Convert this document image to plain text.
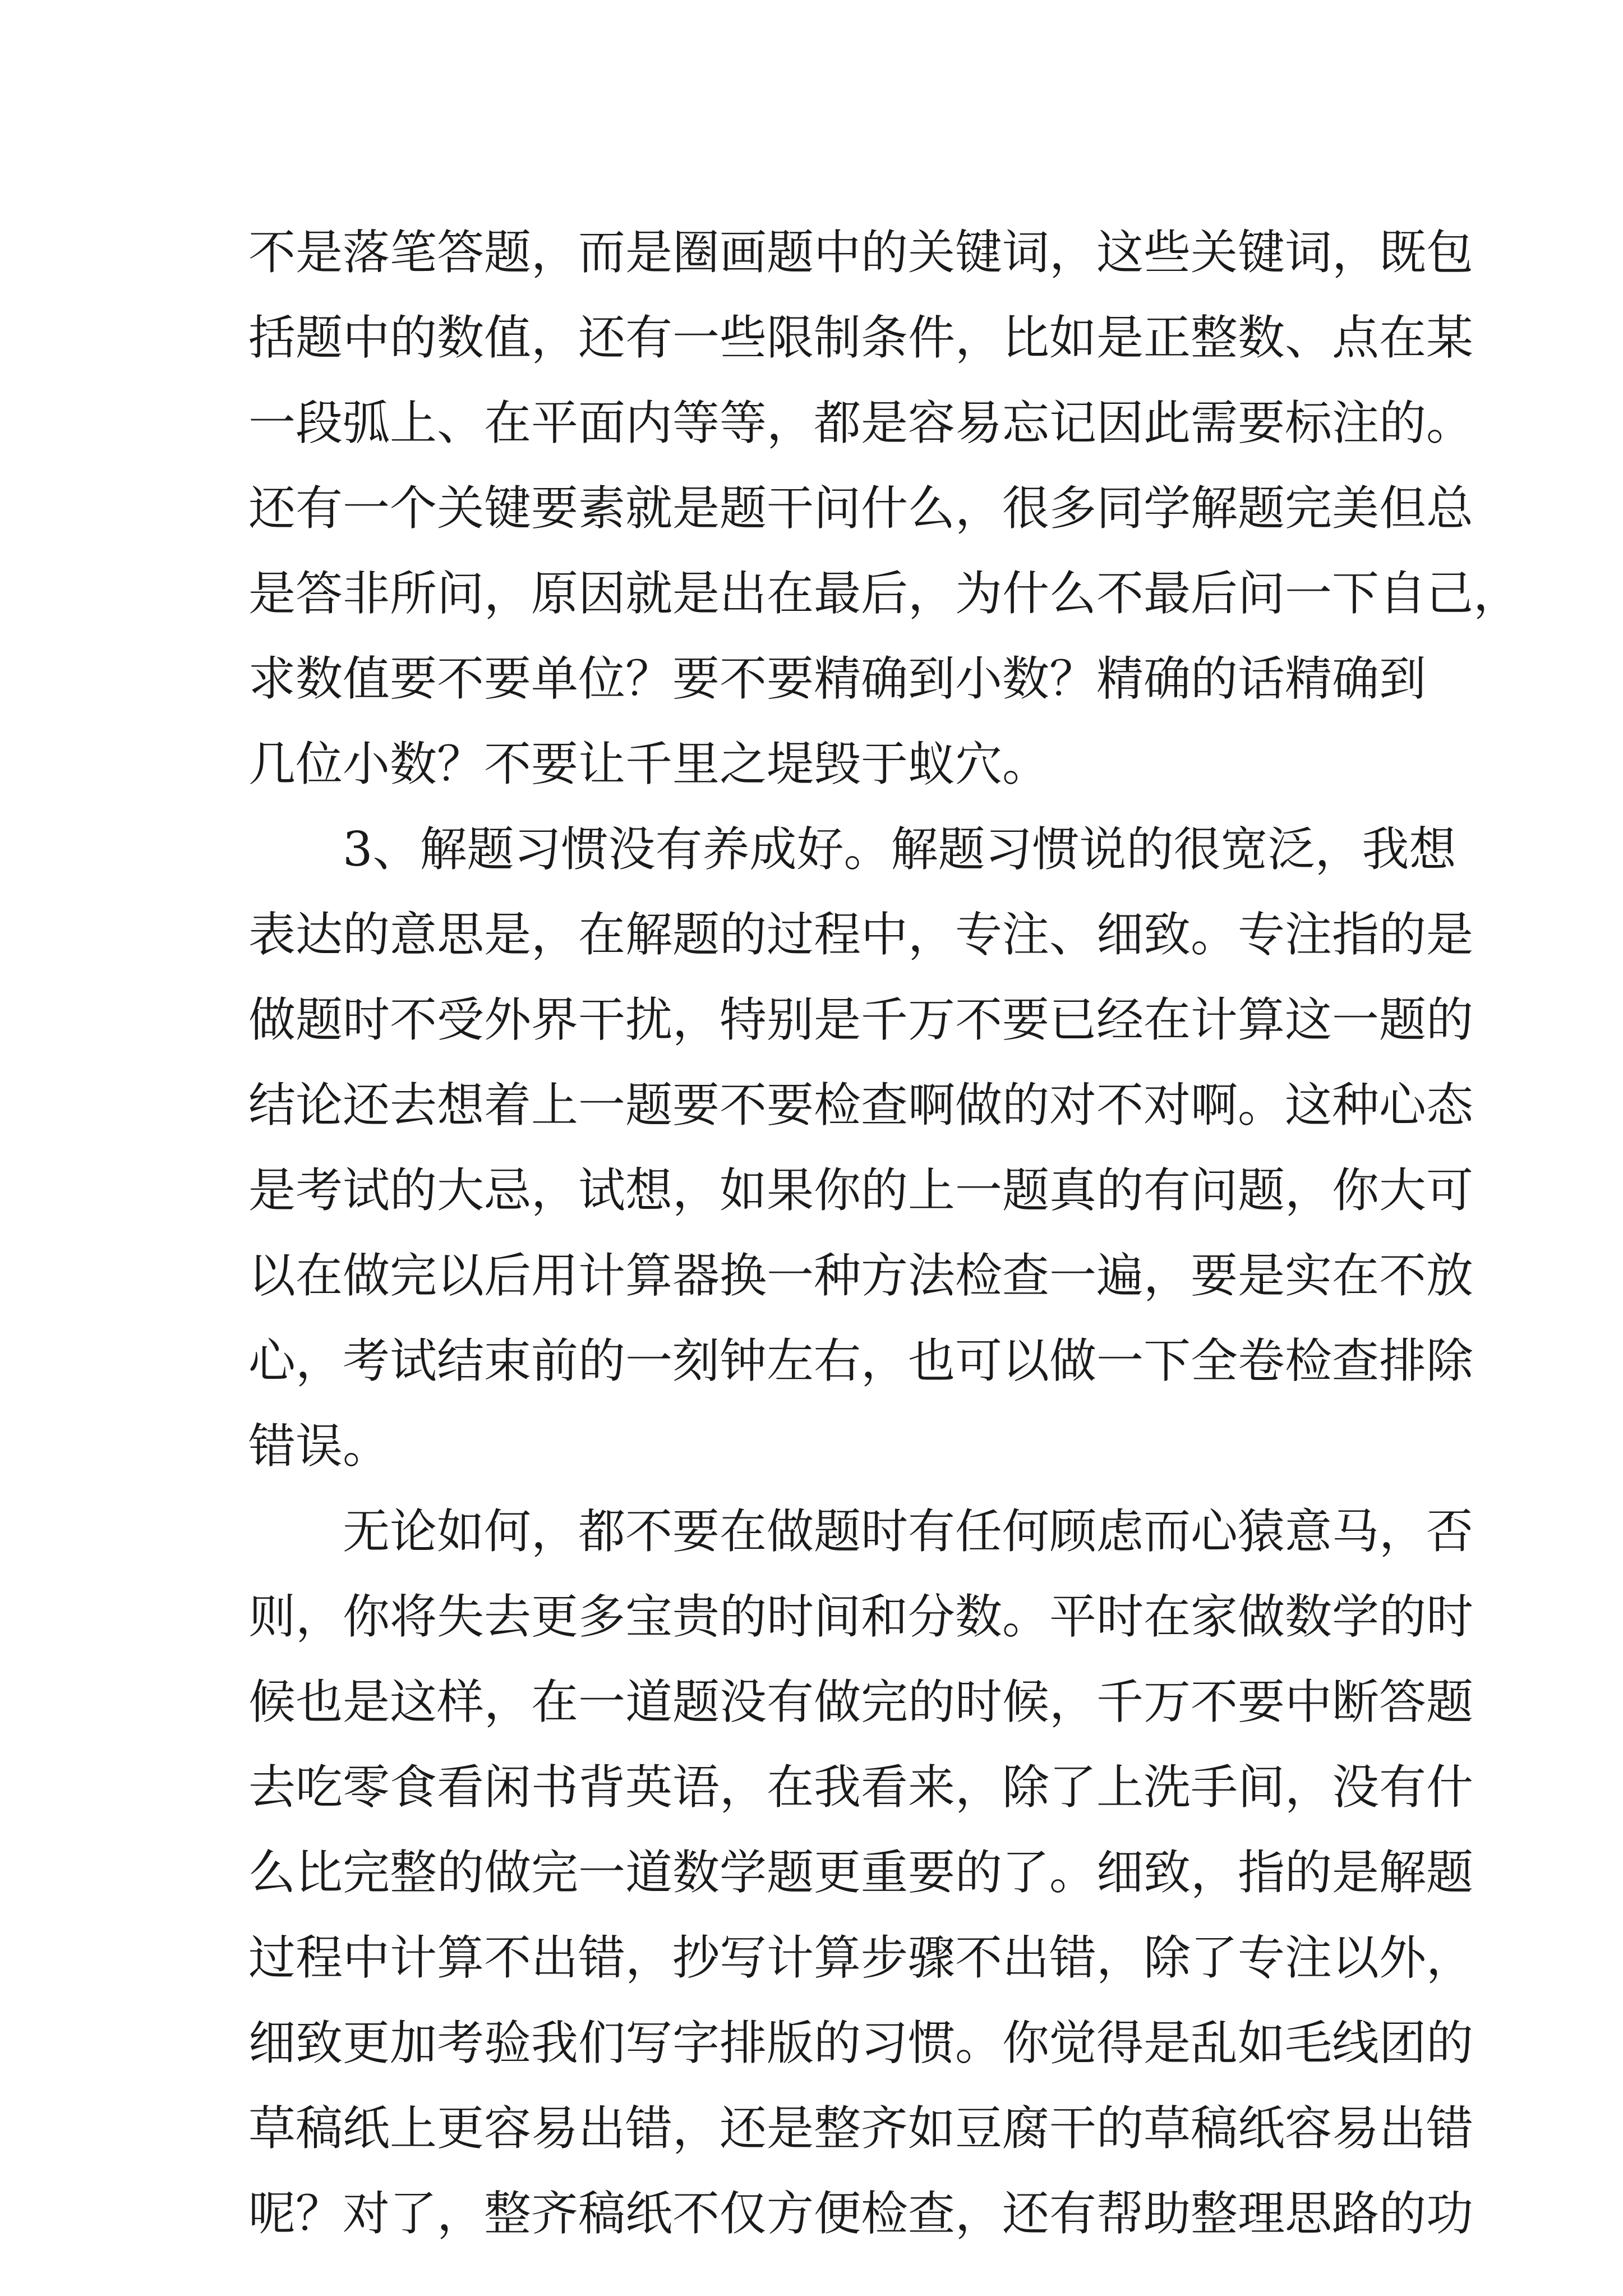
不是落笔答题，而是圈画题中的关键词，这些关键词，既包
括题中的数值，还有一些限制条件，比如是正整数、点在某
一段弧上、在平面内等等，都是容易忘记因此需要标注的。
还有一个关键要素就是题干问什么，很多同学解题完美但总
是答非所问，原因就是出在最后，为什么不最后问一下自己，
求数值要不要单位？要不要精确到小数？精确的话精确到
几位小数？不要让千里之堤毁于蚁穴。
3、解题习惯没有养成好。解题习惯说的很宽泛，我想
表达的意思是，在解题的过程中，专注、细致。专注指的是
做题时不受外界干扰，特别是千万不要已经在计算这一题的
结论还去想着上一题要不要检查啊做的对不对啊。这种心态
是考试的大忌，试想，如果你的上一题真的有问题，你大可
以在做完以后用计算器换一种方法检查一遍，要是实在不放
心，考试结束前的一刻钟左右，也可以做一下全卷检查排除
错误。
无论如何，都不要在做题时有任何顾虑而心猿意马，否
则，你将失去更多宝贵的时间和分数。平时在家做数学的时
候也是这样，在一道题没有做完的时候，千万不要中断答题
去吃零食看闲书背英语，在我看来，除了上洗手间，没有什
么比完整的做完一道数学题更重要的了。细致，指的是解题
过程中计算不出错，抄写计算步骤不出错，除了专注以外，
细致更加考验我们写字排版的习惯。你觉得是乱如毛线团的
草稿纸上更容易出错，还是整齐如豆腐干的草稿纸容易出错
呢？对了，整齐稿纸不仅方便检查，还有帮助整理思路的功
